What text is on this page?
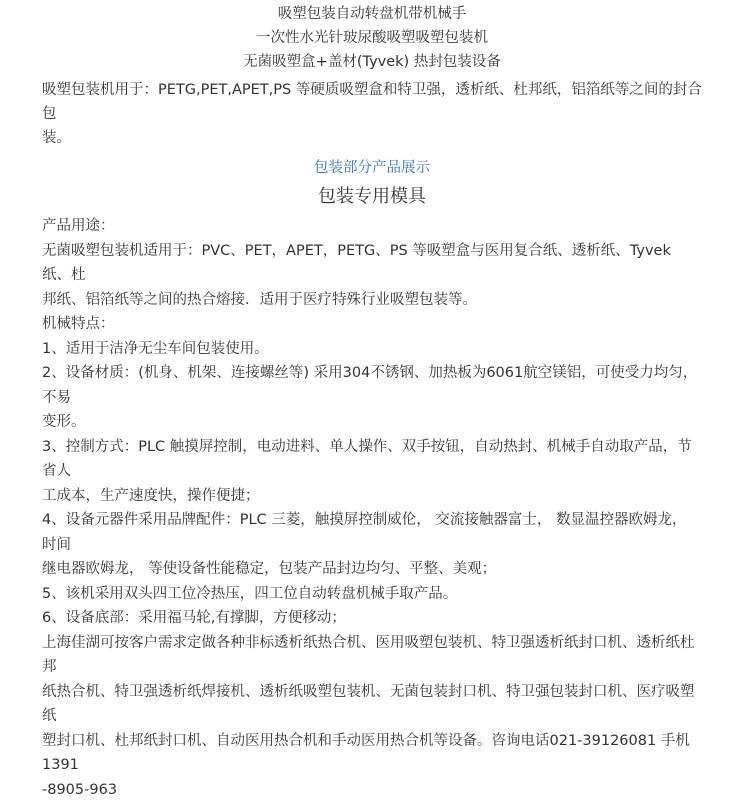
吸塑包装自动转盘机带机械手
一次性水光针玻尿酸吸塑吸塑包装机
无菌吸塑盒+盖材(Tyvek) 热封包装设备
吸塑包装机用于：PETG,PET,APET,PS 等硬质吸塑盒和特卫强，透析纸、杜邦纸，铝箔纸等之间的封合包
装。
包装部分产品展示
包装专用模具

产品用途：

无菌吸塑包装机适用于：PVC、PET，APET，PETG、PS 等吸塑盒与医用复合纸、透析纸、Tyvek 纸、杜

邦纸、铝箔纸等之间的热合熔接．适用于医疗特殊行业吸塑包装等。

机械特点：

1、适用于洁净无尘车间包装使用。

2、设备材质：(机身、机架、连接螺丝等) 采用304不锈钢、加热板为6061航空镁铝，可使受力均匀，不易

变形。

3、控制方式：PLC 触摸屏控制，电动进料、单人操作、双手按钮，自动热封、机械手自动取产品，节省人

工成本，生产速度快，操作便捷；

4、设备元器件采用品牌配件：PLC 三菱，触摸屏控制威伦， 交流接触器富士， 数显温控器欧姆龙， 时间

继电器欧姆龙， 等使设备性能稳定，包装产品封边均匀、平整、美观；

5、该机采用双头四工位冷热压，四工位自动转盘机械手取产品。

6、设备底部：采用福马轮,有撑脚，方便移动；

上海佳湖可按客户需求定做各种非标透析纸热合机、医用吸塑包装机、特卫强透析纸封口机、透析纸杜邦

纸热合机、特卫强透析纸焊接机、透析纸吸塑包装机、无菌包装封口机、特卫强包装封口机、医疗吸塑纸

塑封口机、杜邦纸封口机、自动医用热合机和手动医用热合机等设备。咨询电话021-39126081 手机1391

-8905-963
